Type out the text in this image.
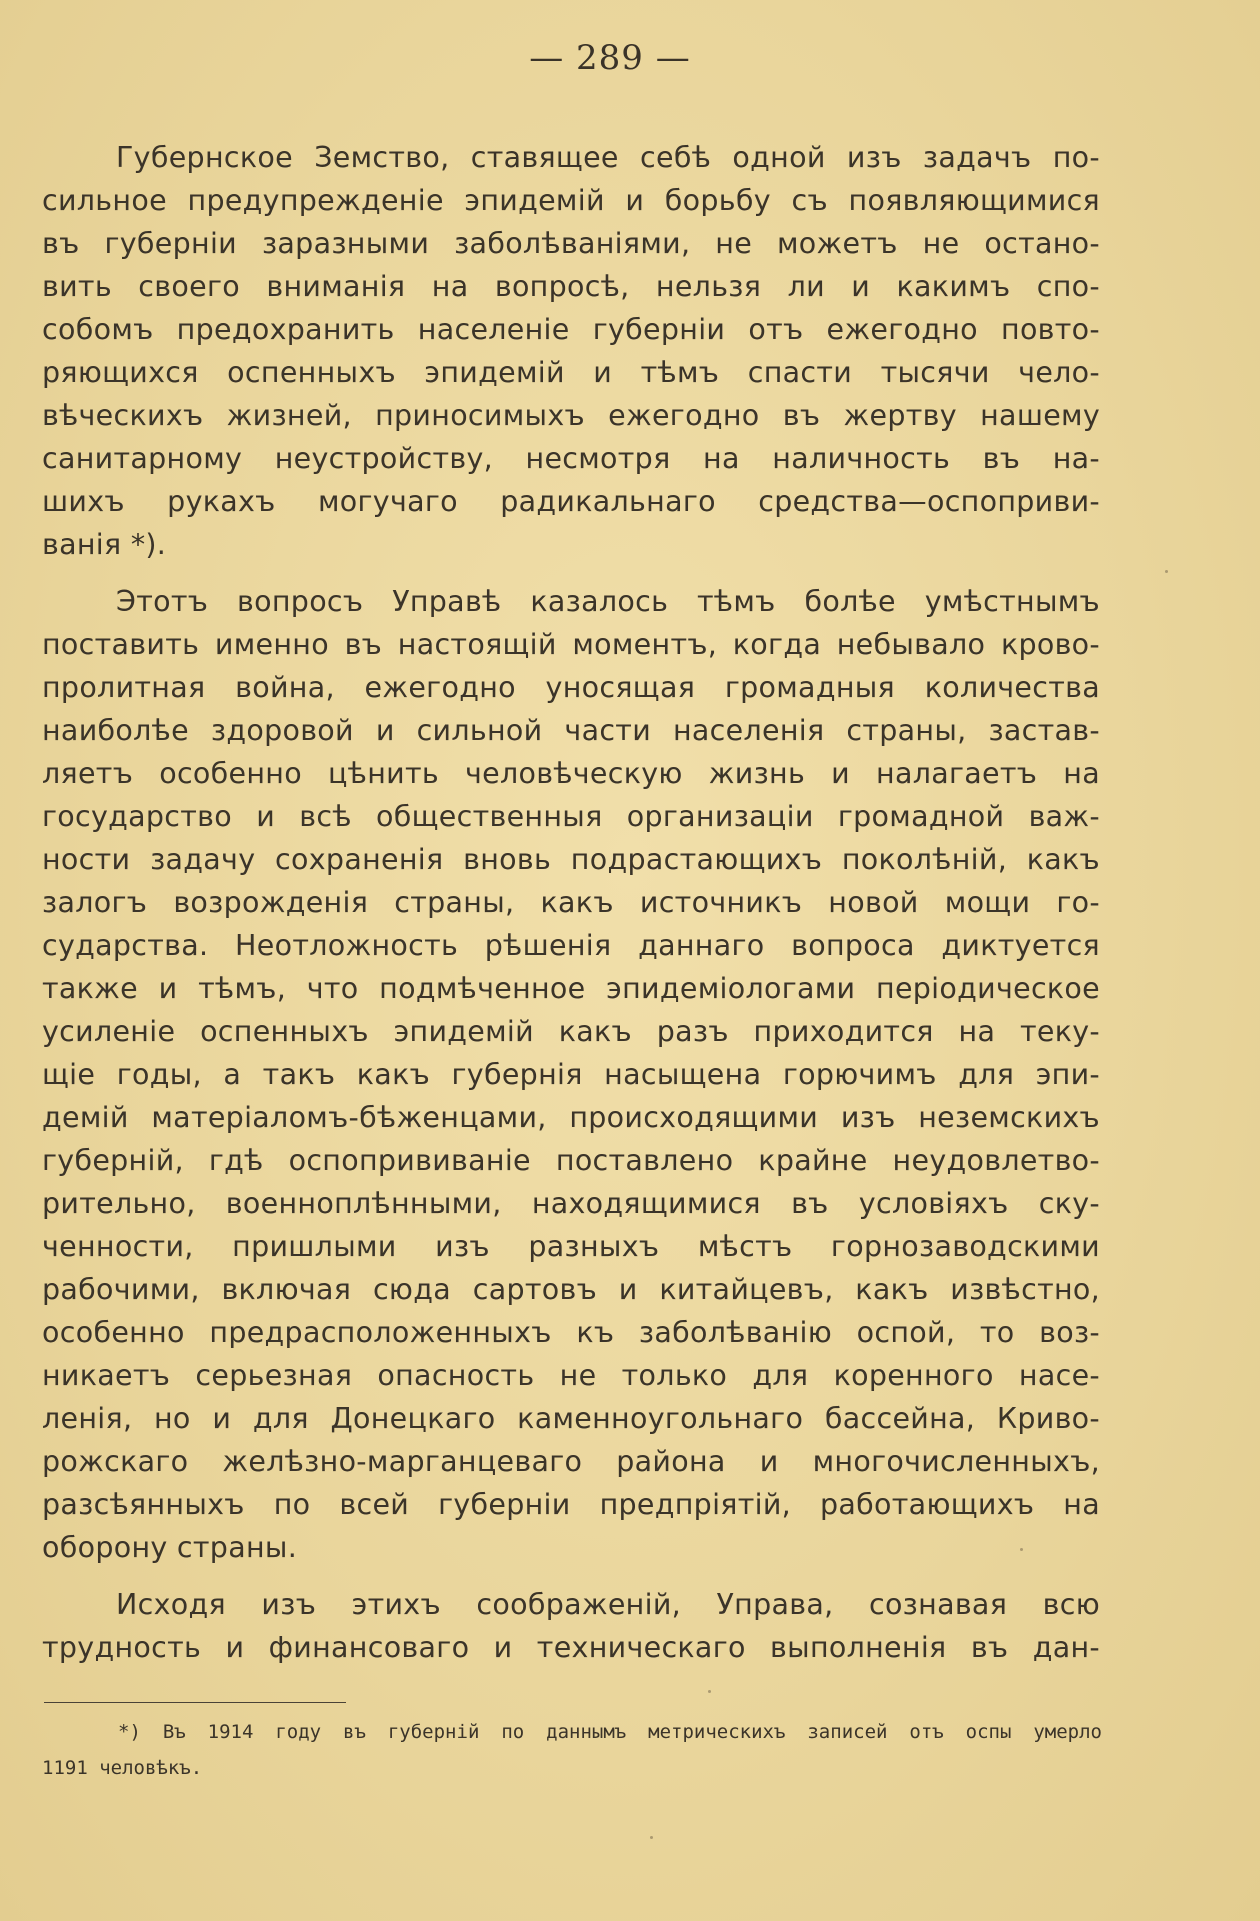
— 289 —
Губернское Земство, ставящее себѣ одной изъ задачъ по-
сильное предупрежденіе эпидемій и борьбу съ появляющимися
въ губерніи заразными заболѣваніями, не можетъ не остано-
вить своего вниманія на вопросѣ, нельзя ли и какимъ спо-
собомъ предохранить населеніе губерніи отъ ежегодно повто-
ряющихся оспенныхъ эпидемій и тѣмъ спасти тысячи чело-
вѣческихъ жизней, приносимыхъ ежегодно въ жертву нашему
санитарному неустройству, несмотря на наличность въ на-
шихъ рукахъ могучаго радикальнаго средства—оспоприви-
ванія *).
Этотъ вопросъ Управѣ казалось тѣмъ болѣе умѣстнымъ
поставить именно въ настоящій моментъ, когда небывало крово-
пролитная война, ежегодно уносящая громадныя количества
наиболѣе здоровой и сильной части населенія страны, застав-
ляетъ особенно цѣнить человѣческую жизнь и налагаетъ на
государство и всѣ общественныя организаціи громадной важ-
ности задачу сохраненія вновь подрастающихъ поколѣній, какъ
залогъ возрожденія страны, какъ источникъ новой мощи го-
сударства. Неотложность рѣшенія даннаго вопроса диктуется
также и тѣмъ, что подмѣченное эпидеміологами періодическое
усиленіе оспенныхъ эпидемій какъ разъ приходится на теку-
щіе годы, а такъ какъ губернія насыщена горючимъ для эпи-
демій матеріаломъ-бѣженцами, происходящими изъ неземскихъ
губерній, гдѣ оспопрививаніе поставлено крайне неудовлетво-
рительно, военноплѣнными, находящимися въ условіяхъ ску-
ченности, пришлыми изъ разныхъ мѣстъ горнозаводскими
рабочими, включая сюда сартовъ и китайцевъ, какъ извѣстно,
особенно предрасположенныхъ къ заболѣванію оспой, то воз-
никаетъ серьезная опасность не только для коренного насе-
ленія, но и для Донецкаго каменноугольнаго бассейна, Криво-
рожскаго желѣзно-марганцеваго района и многочисленныхъ,
разсѣянныхъ по всей губерніи предпріятій, работающихъ на
оборону страны.
Исходя изъ этихъ соображеній, Управа, сознавая всю
трудность и финансоваго и техническаго выполненія въ дан-
*) Въ 1914 году въ губерній по даннымъ метрическихъ записей отъ оспы умерло
1191 человѣкъ.
